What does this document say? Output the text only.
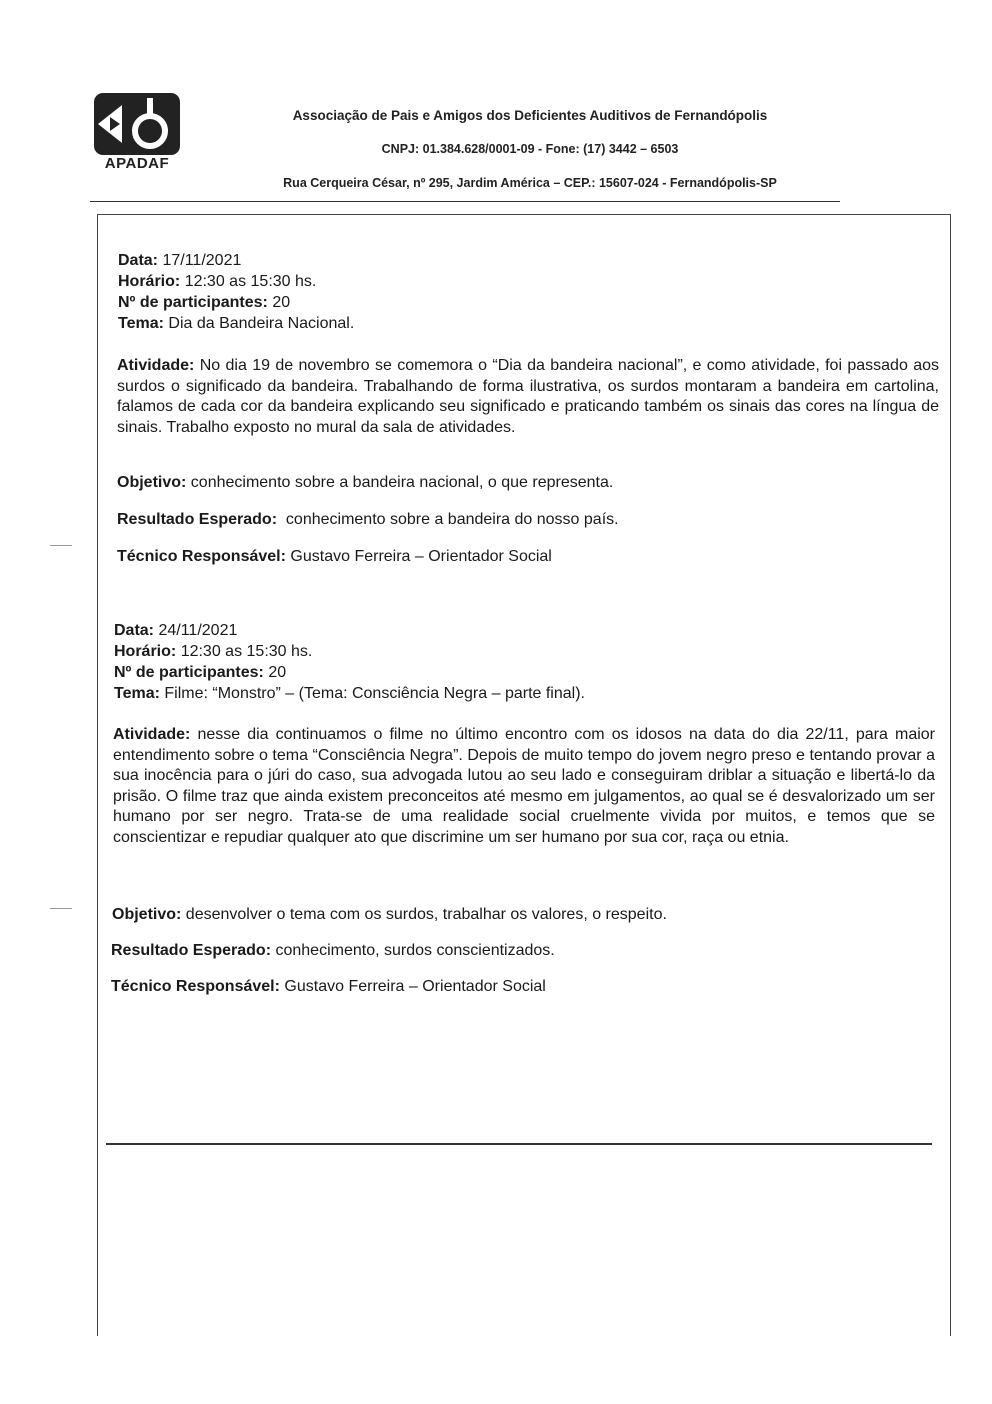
APADAF
Associação de Pais e Amigos dos Deficientes Auditivos de Fernandópolis
CNPJ: 01.384.628/0001-09 - Fone: (17) 3442 – 6503
Rua Cerqueira César, nº 295, Jardim América – CEP.: 15607-024 - Fernandópolis-SP
Data: 17/11/2021
Horário: 12:30 as 15:30 hs.
Nº de participantes: 20
Tema: Dia da Bandeira Nacional.
Atividade: No dia 19 de novembro se comemora o “Dia da bandeira nacional”, e como atividade, foi passado aos surdos o significado da bandeira. Trabalhando de forma ilustrativa, os surdos montaram a bandeira em cartolina, falamos de cada cor da bandeira explicando seu significado e praticando também os sinais das cores na língua de sinais. Trabalho exposto no mural da sala de atividades.
Objetivo: conhecimento sobre a bandeira nacional, o que representa.
Resultado Esperado: conhecimento sobre a bandeira do nosso país.
Técnico Responsável: Gustavo Ferreira – Orientador Social
Data: 24/11/2021
Horário: 12:30 as 15:30 hs.
Nº de participantes: 20
Tema: Filme: “Monstro” – (Tema: Consciência Negra – parte final).
Atividade: nesse dia continuamos o filme no último encontro com os idosos na data do dia 22/11, para maior entendimento sobre o tema “Consciência Negra”. Depois de muito tempo do jovem negro preso e tentando provar a sua inocência para o júri do caso, sua advogada lutou ao seu lado e conseguiram driblar a situação e libertá-lo da prisão. O filme traz que ainda existem preconceitos até mesmo em julgamentos, ao qual se é desvalorizado um ser humano por ser negro. Trata-se de uma realidade social cruelmente vivida por muitos, e temos que se conscientizar e repudiar qualquer ato que discrimine um ser humano por sua cor, raça ou etnia.
Objetivo: desenvolver o tema com os surdos, trabalhar os valores, o respeito.
Resultado Esperado: conhecimento, surdos conscientizados.
Técnico Responsável: Gustavo Ferreira – Orientador Social
